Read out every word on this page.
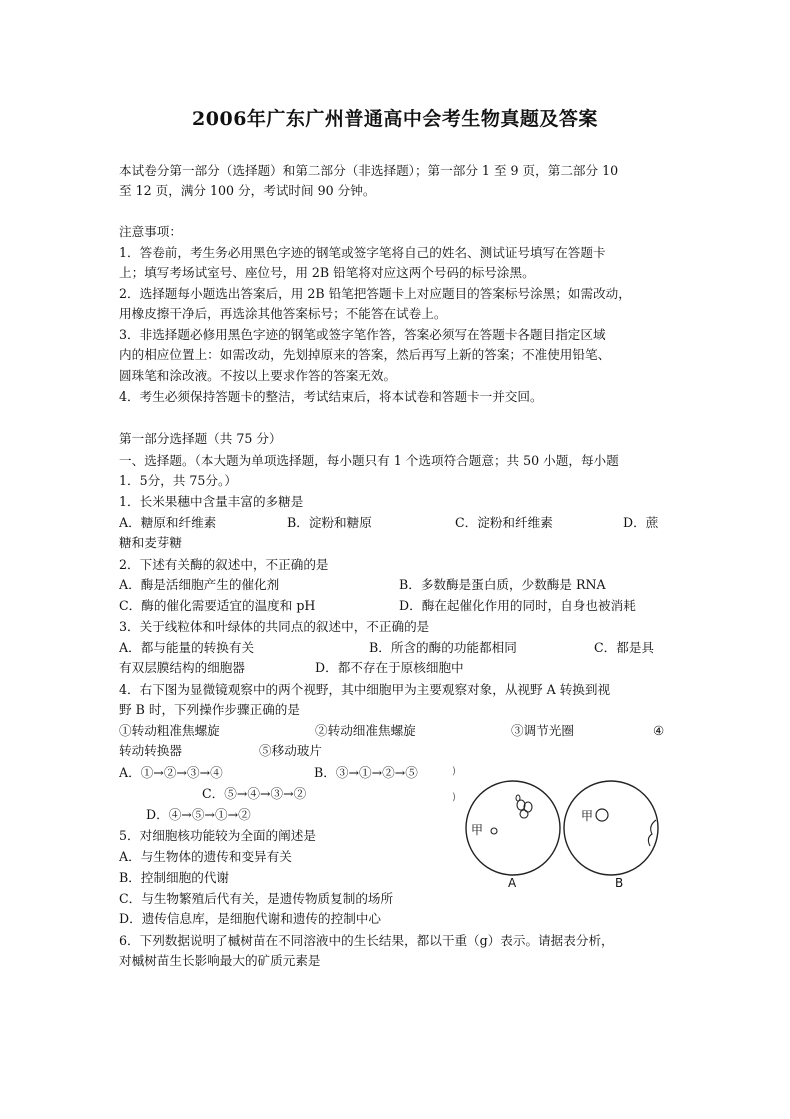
2006年广东广州普通高中会考生物真题及答案
本试卷分第一部分（选择题）和第二部分（非选择题）；第一部分 1 至 9 页，第二部分 10
至 12 页，满分 100 分，考试时间 90 分钟。
注意事项：
1．答卷前，考生务必用黑色字迹的钢笔或签字笔将自己的姓名、测试证号填写在答题卡
上；填写考场试室号、座位号，用 2B 铅笔将对应这两个号码的标号涂黑。
2．选择题每小题选出答案后，用 2B 铅笔把答题卡上对应题目的答案标号涂黑；如需改动，
用橡皮擦干净后，再选涂其他答案标号；不能答在试卷上。
3．非选择题必修用黑色字迹的钢笔或签字笔作答，答案必须写在答题卡各题目指定区域
内的相应位置上：如需改动，先划掉原来的答案，然后再写上新的答案；不准使用铅笔、
圆珠笔和涂改液。不按以上要求作答的答案无效。
4．考生必须保持答题卡的整洁，考试结束后，将本试卷和答题卡一并交回。
第一部分选择题（共 75 分）
一、选择题。（本大题为单项选择题，每小题只有 1 个选项符合题意；共 50 小题，每小题
1．5分，共 75分。）
1．长米果穗中含量丰富的多糖是
A．糖原和纤维素	B．淀粉和糖原	C．淀粉和纤维素	D．蔗
糖和麦芽糖
2．下述有关酶的叙述中，不正确的是
A．酶是活细胞产生的催化剂	B．多数酶是蛋白质，少数酶是 RNA
C．酶的催化需要适宜的温度和 pH	D．酶在起催化作用的同时，自身也被消耗
3．关于线粒体和叶绿体的共同点的叙述中，不正确的是
A．都与能量的转换有关	B．所含的酶的功能都相同	C．都是具
有双层膜结构的细胞器	D．都不存在于原核细胞中
4．右下图为显微镜观察中的两个视野，其中细胞甲为主要观察对象，从视野 A 转换到视
野 B 时，下列操作步骤正确的是
①转动粗准焦螺旋	②转动细准焦螺旋	③调节光圈	④
转动转换器	⑤移动玻片
A．①→②→③→④	B．③→①→②→⑤
C．⑤→④→③→②
D．④→⑤→①→②
)
)
甲
甲
A	B
5．对细胞核功能较为全面的阐述是
A．与生物体的遗传和变异有关
B．控制细胞的代谢
C．与生物繁殖后代有关，是遗传物质复制的场所
D．遗传信息库，是细胞代谢和遗传的控制中心
6．下列数据说明了槭树苗在不同溶液中的生长结果，都以干重（g）表示。请据表分析，
对槭树苗生长影响最大的矿质元素是
